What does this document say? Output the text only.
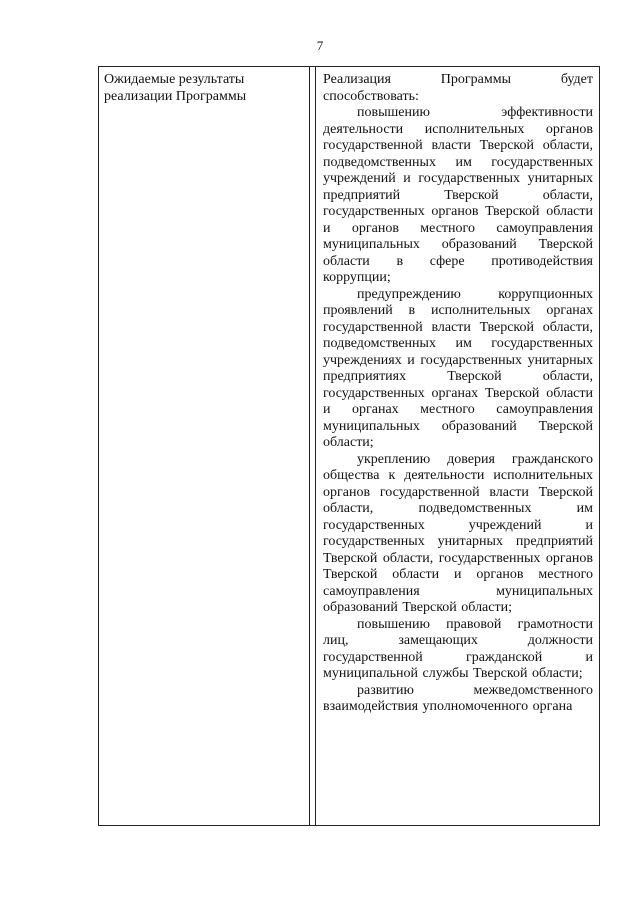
7
Ожидаемые результаты реализации Программы

Реализация Программы будет способствовать:

повышению эффективности деятельности исполнительных органов государственной власти Тверской области, подведомственных им государственных учреждений и государственных унитарных предприятий Тверской области, государственных органов Тверской области и органов местного самоуправления муниципальных образований Тверской области в сфере противодействия коррупции;

предупреждению коррупционных проявлений в исполнительных органах государственной власти Тверской области, подведомственных им государственных учреждениях и государственных унитарных предприятиях Тверской области, государственных органах Тверской области и органах местного самоуправления муниципальных образований Тверской области;

укреплению доверия гражданского общества к деятельности исполнительных органов государственной власти Тверской области, подведомственных им государственных учреждений и государственных унитарных предприятий Тверской области, государственных органов Тверской области и органов местного самоуправления муниципальных образований Тверской области;

повышению правовой грамотности лиц, замещающих должности государственной гражданской и муниципальной службы Тверской области;

развитию межведомственного взаимодействия уполномоченного органа
